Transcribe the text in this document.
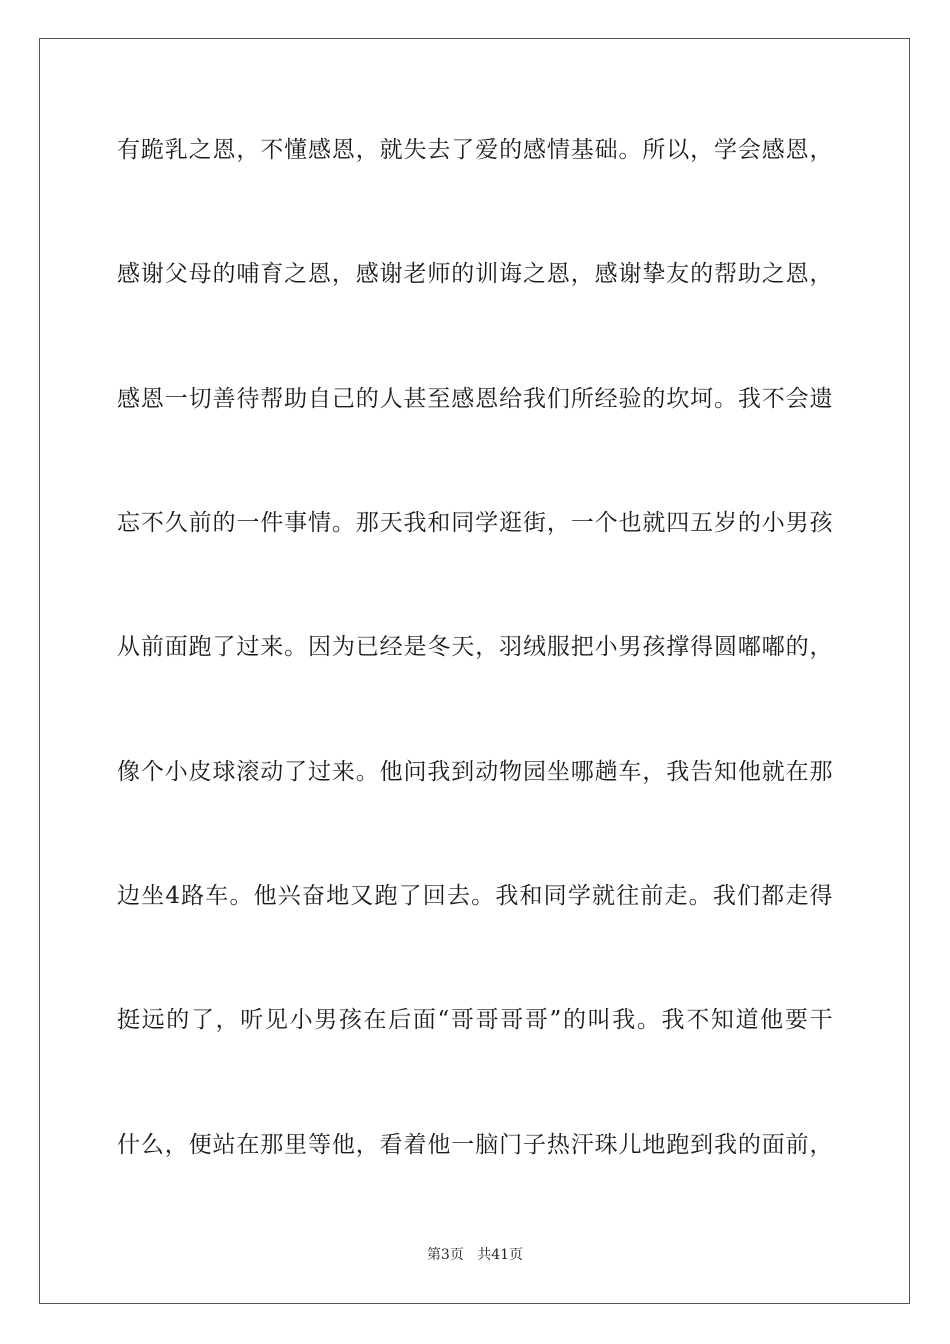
有跪乳之恩，不懂感恩，就失去了爱的感情基础。所以，学会感恩，
感谢父母的哺育之恩，感谢老师的训诲之恩，感谢挚友的帮助之恩，
感恩一切善待帮助自己的人甚至感恩给我们所经验的坎坷。我不会遗
忘不久前的一件事情。那天我和同学逛街，一个也就四五岁的小男孩
从前面跑了过来。因为已经是冬天，羽绒服把小男孩撑得圆嘟嘟的，
像个小皮球滚动了过来。他问我到动物园坐哪趟车，我告知他就在那
边坐4路车。他兴奋地又跑了回去。我和同学就往前走。我们都走得
挺远的了，听见小男孩在后面“哥哥哥哥”的叫我。我不知道他要干
什么，便站在那里等他，看着他一脑门子热汗珠儿地跑到我的面前，
第3页 共41页
